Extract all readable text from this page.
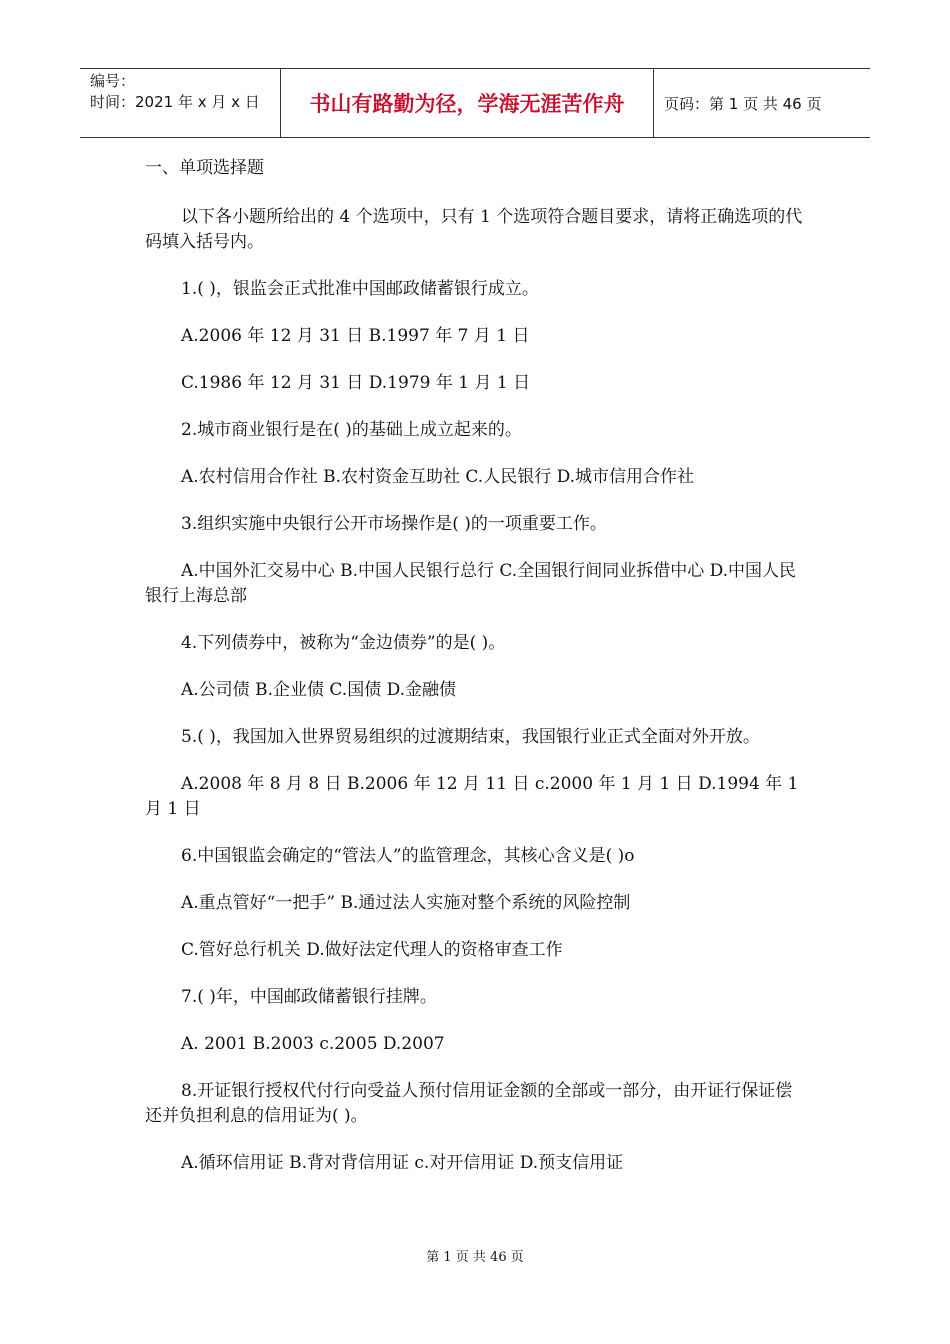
编号：
时间：2021 年 x 月 x 日	书山有路勤为径，学海无涯苦作舟	页码：第 1 页 共 46 页

一、单项选择题

以下各小题所给出的 4 个选项中，只有 1 个选项符合题目要求，请将正确选项的代码填入括号内。

1.( )，银监会正式批准中国邮政储蓄银行成立。

A.2006 年 12 月 31 日 B.1997 年 7 月 1 日

C.1986 年 12 月 31 日 D.1979 年 1 月 1 日

2.城市商业银行是在( )的基础上成立起来的。

A.农村信用合作社 B.农村资金互助社 C.人民银行 D.城市信用合作社

3.组织实施中央银行公开市场操作是( )的一项重要工作。

A.中国外汇交易中心 B.中国人民银行总行 C.全国银行间同业拆借中心 D.中国人民银行上海总部

4.下列债券中，被称为“金边债券”的是( )。

A.公司债 B.企业债 C.国债 D.金融债

5.( )，我国加入世界贸易组织的过渡期结束，我国银行业正式全面对外开放。

A.2008 年 8 月 8 日 B.2006 年 12 月 11 日 c.2000 年 1 月 1 日 D.1994 年 1 月 1 日

6.中国银监会确定的“管法人”的监管理念，其核心含义是( )o

A.重点管好“一把手” B.通过法人实施对整个系统的风险控制

C.管好总行机关 D.做好法定代理人的资格审查工作

7.( )年，中国邮政储蓄银行挂牌。

A. 2001 B.2003 c.2005 D.2007

8.开证银行授权代付行向受益人预付信用证金额的全部或一部分，由开证行保证偿还并负担利息的信用证为( )。

A.循环信用证 B.背对背信用证 c.对开信用证 D.预支信用证

第 1 页 共 46 页
